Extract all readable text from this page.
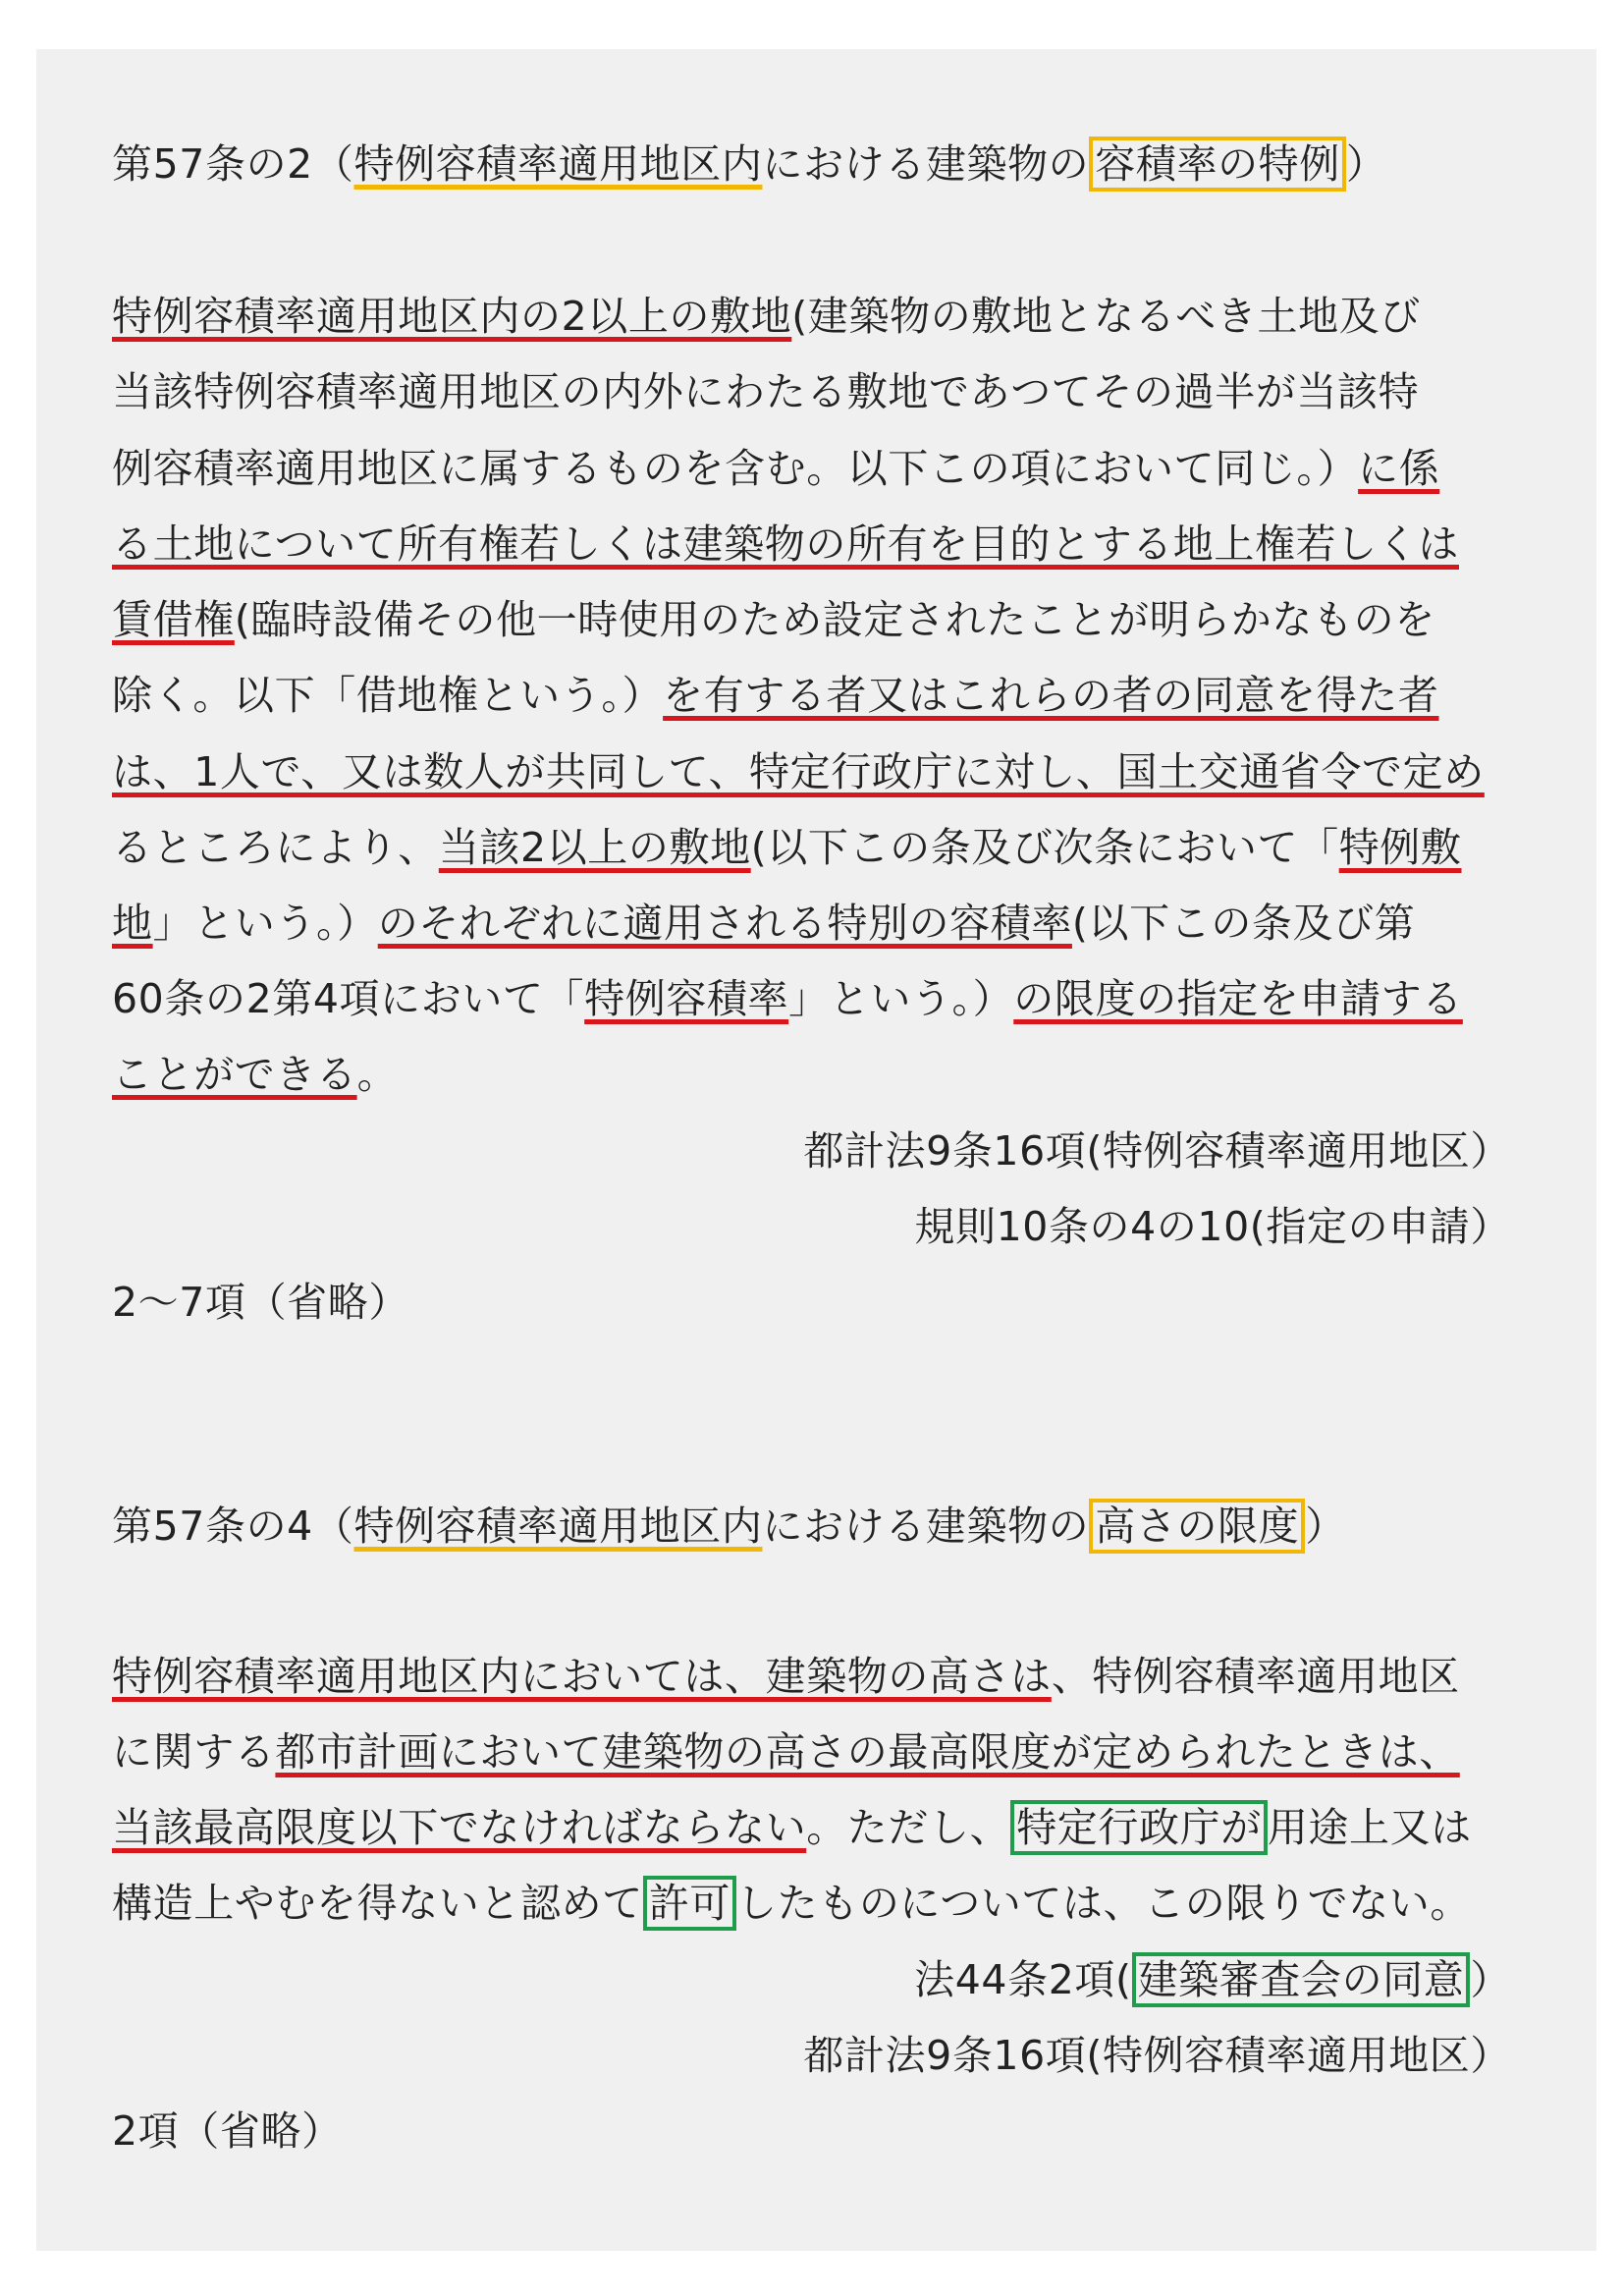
第57条の2（特例容積率適用地区内における建築物の 容積率の特例 ）
特例容積率適用地区内の2以上の敷地(建築物の敷地となるべき土地及び
当該特例容積率適用地区の内外にわたる敷地であつてその過半が当該特
例容積率適用地区に属するものを含む。以下この項において同じ。）に係
る土地について所有権若しくは建築物の所有を目的とする地上権若しくは
賃借権(臨時設備その他一時使用のため設定されたことが明らかなものを
除く。以下「借地権という。）を有する者又はこれらの者の同意を得た者
は、1人で、又は数人が共同して、特定行政庁に対し、国土交通省令で定め
るところにより、当該2以上の敷地(以下この条及び次条において「特例敷
地」という。）のそれぞれに適用される特別の容積率(以下この条及び第
60条の2第4項において「特例容積率」という。）の限度の指定を申請する
ことができる。
都計法9条16項(特例容積率適用地区）
規則10条の4の10(指定の申請）
2～7項（省略）
第57条の4（特例容積率適用地区内における建築物の 高さの限度 ）
特例容積率適用地区内においては、建築物の高さは、特例容積率適用地区
に関する都市計画において建築物の高さの最高限度が定められたときは、
当該最高限度以下でなければならない。ただし、 特定行政庁が 用途上又は
構造上やむを得ないと認めて 許可 したものについては、この限りでない。
法44条2項( 建築審査会の同意 ）
都計法9条16項(特例容積率適用地区）
2項（省略）
